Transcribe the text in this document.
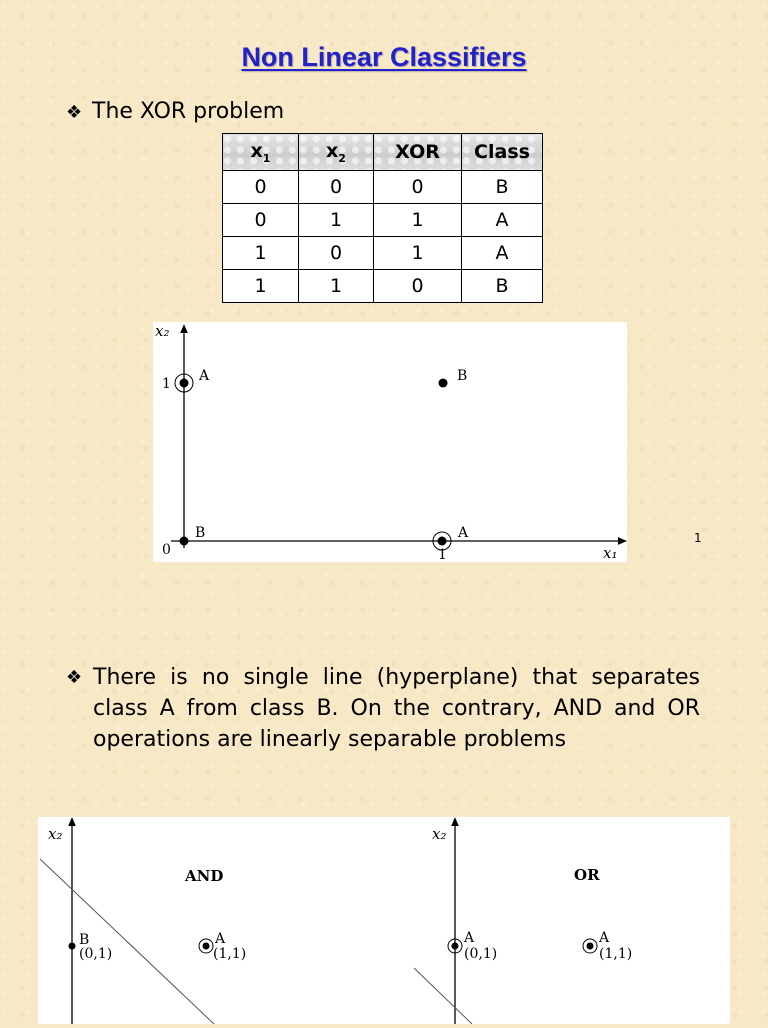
Non Linear Classifiers
❖ The XOR problem
$x_1$	$x_2$	XOR	Class
0	0	0	B
0	1	1	A
1	0	1	A
1	1	0	B
x₂
x₁
0	1
1 A	B
B	A	1
❖ There is no single line (hyperplane) that separates class A from class B. On the contrary, AND and OR operations are linearly separable problems
x₂
AND
B
(0,1)
A
(1,1)
x₂
OR
A
(0,1)
A
(1,1)
